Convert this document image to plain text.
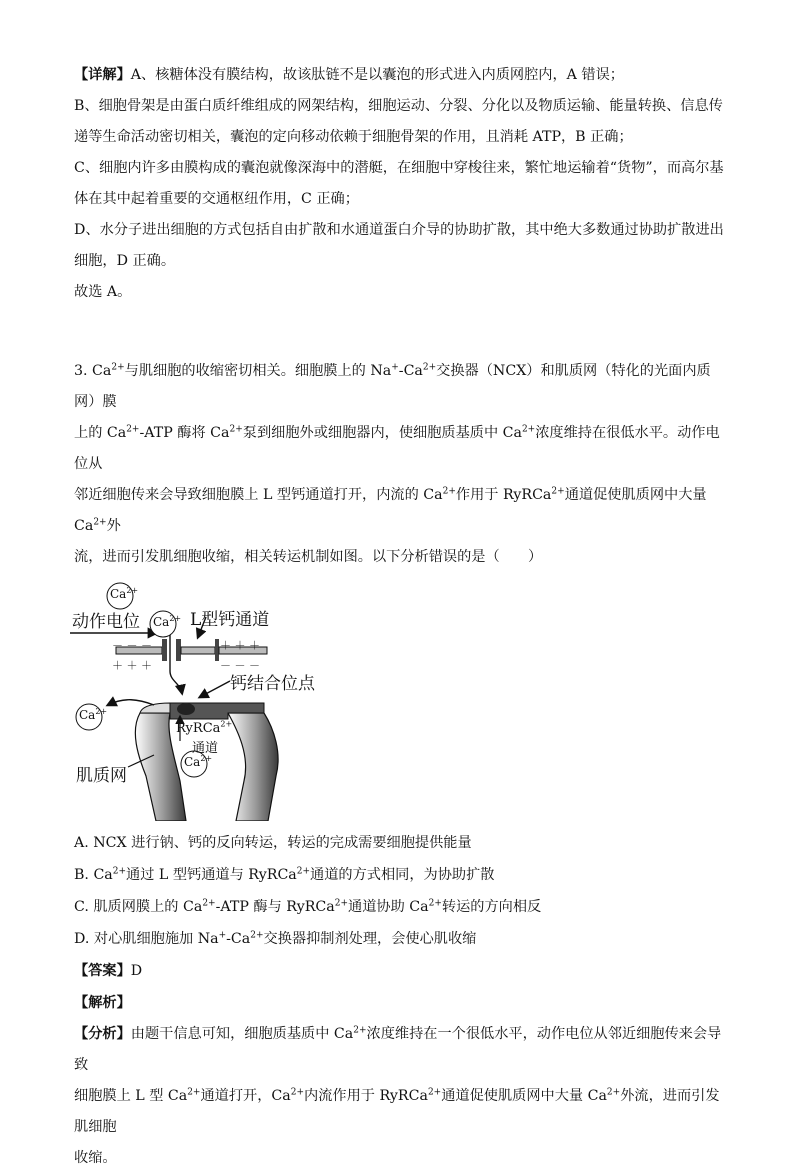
【详解】A、核糖体没有膜结构，故该肽链不是以囊泡的形式进入内质网腔内，A 错误；

B、细胞骨架是由蛋白质纤维组成的网架结构，细胞运动、分裂、分化以及物质运输、能量转换、信息传

递等生命活动密切相关，囊泡的定向移动依赖于细胞骨架的作用，且消耗 ATP，B 正确；

C、细胞内许多由膜构成的囊泡就像深海中的潜艇，在细胞中穿梭往来，繁忙地运输着“货物”，而高尔基

体在其中起着重要的交通枢纽作用，C 正确；

D、水分子进出细胞的方式包括自由扩散和水通道蛋白介导的协助扩散，其中绝大多数通过协助扩散进出

细胞，D 正确。

故选 A。

3. $Ca^{2+}$与肌细胞的收缩密切相关。细胞膜上的 $Na^+-Ca^{2+}$交换器（NCX）和肌质网（特化的光面内质网）膜

上的 $Ca^{2+}$-ATP 酶将 $Ca^{2+}$泵到细胞外或细胞器内，使细胞质基质中 $Ca^{2+}$浓度维持在很低水平。动作电位从

邻近细胞传来会导致细胞膜上 L 型钙通道打开，内流的 $Ca^{2+}$作用于 RyRCa$^{2+}$通道促使肌质网中大量 $Ca^{2+}$外

流，进而引发肌细胞收缩，相关转运机制如图。以下分析错误的是（　　）

$Ca^{2+}$
$Ca^{2+}$
$Ca^{2+}$
$Ca^{2+}$
动作电位	L型钙通道
钙结合位点
肌质网
RyRCa$^{2+}$
通道
－ － －
＋ ＋ ＋
＋ ＋ ＋
－ － －

A. NCX 进行钠、钙的反向转运，转运的完成需要细胞提供能量

B. $Ca^{2+}$通过 L 型钙通道与 RyRCa$^{2+}$通道的方式相同，为协助扩散

C. 肌质网膜上的 $Ca^{2+}$-ATP 酶与 RyRCa$^{2+}$通道协助 $Ca^{2+}$转运的方向相反

D. 对心肌细胞施加 $Na^+-Ca^{2+}$交换器抑制剂处理，会使心肌收缩

【答案】D

【解析】

【分析】由题干信息可知，细胞质基质中 $Ca^{2+}$浓度维持在一个很低水平，动作电位从邻近细胞传来会导致

细胞膜上 L 型 $Ca^{2+}$通道打开，$Ca^{2+}$内流作用于 RyRCa$^{2+}$通道促使肌质网中大量 $Ca^{2+}$外流，进而引发肌细胞

收缩。
